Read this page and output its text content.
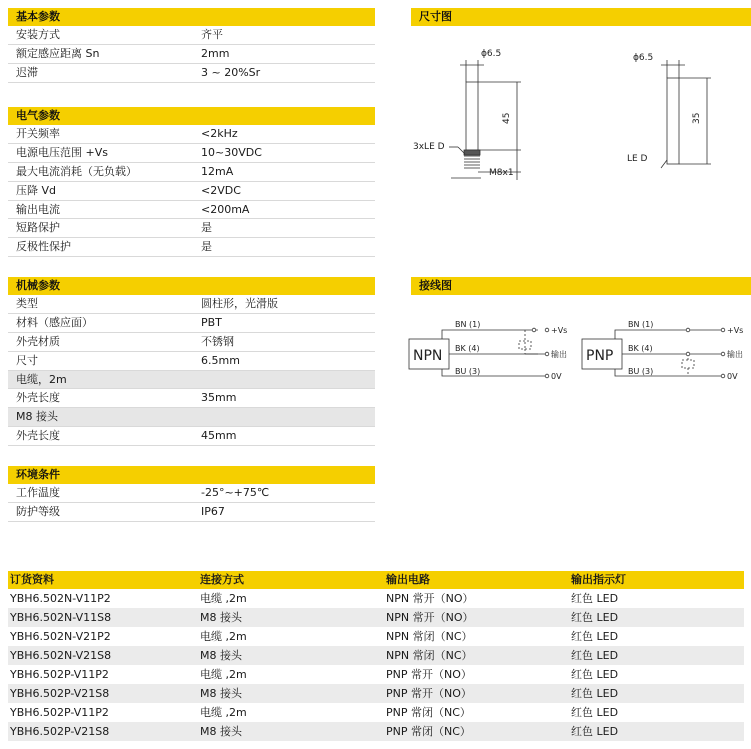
基本参数
安装方式	齐平
额定感应距离 Sn	2mm
迟滞	3 ~ 20%Sr
电气参数
开关频率	<2kHz
电源电压范围 +Vs	10~30VDC
最大电流消耗（无负载）	12mA
压降 Vd	<2VDC
输出电流	<200mA
短路保护	是
反极性保护	是
机械参数
类型	圆柱形，光滑版
材料（感应面）	PBT
外壳材质	不锈钢
尺寸	6.5mm
电缆，2m
外壳长度	35mm
M8 接头
外壳长度	45mm
环境条件
工作温度	-25°~+75℃
防护等级	IP67
尺寸图
ϕ6.5
45
3xLE D
M8x1
ϕ6.5
35
LE D
接线图
NPN
BN (1)
BK (4)
BU (3)
+Vs
输出
0V
PNP
BN (1)
BK (4)
BU (3)
+Vs
输出
0V
订货资料	连接方式	输出电路	输出指示灯
YBH6.502N-V11P2	电缆 ,2m	NPN 常开（NO）	红色 LED
YBH6.502N-V11S8	M8 接头	NPN 常开（NO）	红色 LED
YBH6.502N-V21P2	电缆 ,2m	NPN 常闭（NC）	红色 LED
YBH6.502N-V21S8	M8 接头	NPN 常闭（NC）	红色 LED
YBH6.502P-V11P2	电缆 ,2m	PNP 常开（NO）	红色 LED
YBH6.502P-V21S8	M8 接头	PNP 常开（NO）	红色 LED
YBH6.502P-V11P2	电缆 ,2m	PNP 常闭（NC）	红色 LED
YBH6.502P-V21S8	M8 接头	PNP 常闭（NC）	红色 LED
